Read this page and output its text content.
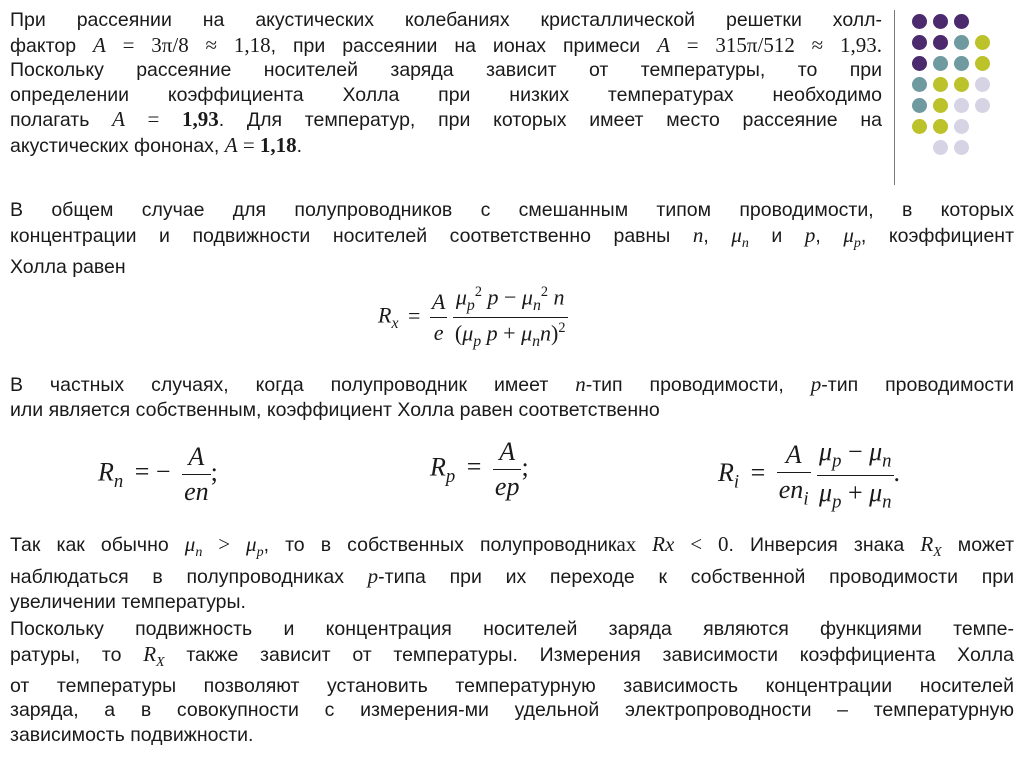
При рассеянии на акустических колебаниях кристаллической решетки холл-
фактор A = 3π/8 ≈ 1,18, при рассеянии на ионах примеси A = 315π/512 ≈ 1,93.
Поскольку рассеяние носителей заряда зависит от температуры, то при
определении коэффициента Холла при низких температурах необходимо
полагать A = 1,93. Для температур, при которых имеет место рассеяние на
акустических фононах, A = 1,18.
В общем случае для полупроводников с смешанным типом проводимости, в которых
концентрации и подвижности носителей соответственно равны n, $\mu_n$ и p, $\mu_p$, коэффициент
Холла равен
В частных случаях, когда полупроводник имеет n-тип проводимости, p-тип проводимости
или является собственным, коэффициент Холла равен соответственно
Так как обычно $\mu_n > \mu_p$, то в собственных полупроводниках Rx < 0. Инверсия знака $R_X$ может
наблюдаться в полупроводниках p-типа при их переходе к собственной проводимости при
увеличении температуры.
Поскольку подвижность и концентрация носителей заряда являются функциями темпе-
ратуры, то $R_X$ также зависит от температуры. Измерения зависимости коэффициента Холла
от температуры позволяют установить температурную зависимость концентрации носителей
заряда, а в совокупности с измерения-ми удельной электропроводности – температурную
зависимость подвижности.
$R_x = \frac{A}{e}$
$\frac{\mu_p^2 p - \mu_n^2 n}{(\mu_p p + \mu_nn)^2}$
$R_n$ = − $\frac{A}{en}$ ;	$R_p = \frac{A}{ep}$ ;	$R_i = \frac{A}{en_i}$
$\frac{\mu_p - \mu_n}{\mu_p + \mu_n}$ .
